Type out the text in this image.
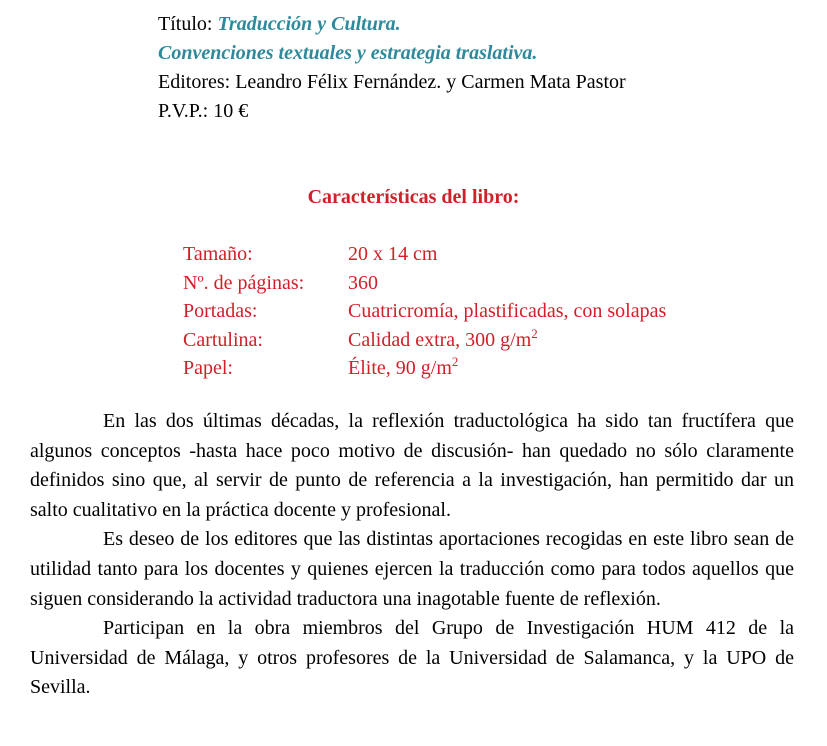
Título: Traducción y Cultura.
Convenciones textuales y estrategia traslativa.
Editores: Leandro Félix Fernández. y Carmen Mata Pastor
P.V.P.: 10 €
Características del libro:
Tamaño:	20 x 14 cm
Nº. de páginas: 360
Portadas:	Cuatricromía, plastificadas, con solapas
Cartulina:	Calidad extra, 300 $g/m^2$
Papel:	Élite, 90 $g/m^2$

En las dos últimas décadas, la reflexión traductológica ha sido tan fructífera que algunos conceptos -hasta hace poco motivo de discusión- han quedado no sólo claramente definidos sino que, al servir de punto de referencia a la investigación, han permitido dar un salto cualitativo en la práctica docente y profesional.

Es deseo de los editores que las distintas aportaciones recogidas en este libro sean de utilidad tanto para los docentes y quienes ejercen la traducción como para todos aquellos que siguen considerando la actividad traductora una inagotable fuente de reflexión.

Participan en la obra miembros del Grupo de Investigación HUM 412 de la Universidad de Málaga, y otros profesores de la Universidad de Salamanca, y la UPO de Sevilla.
